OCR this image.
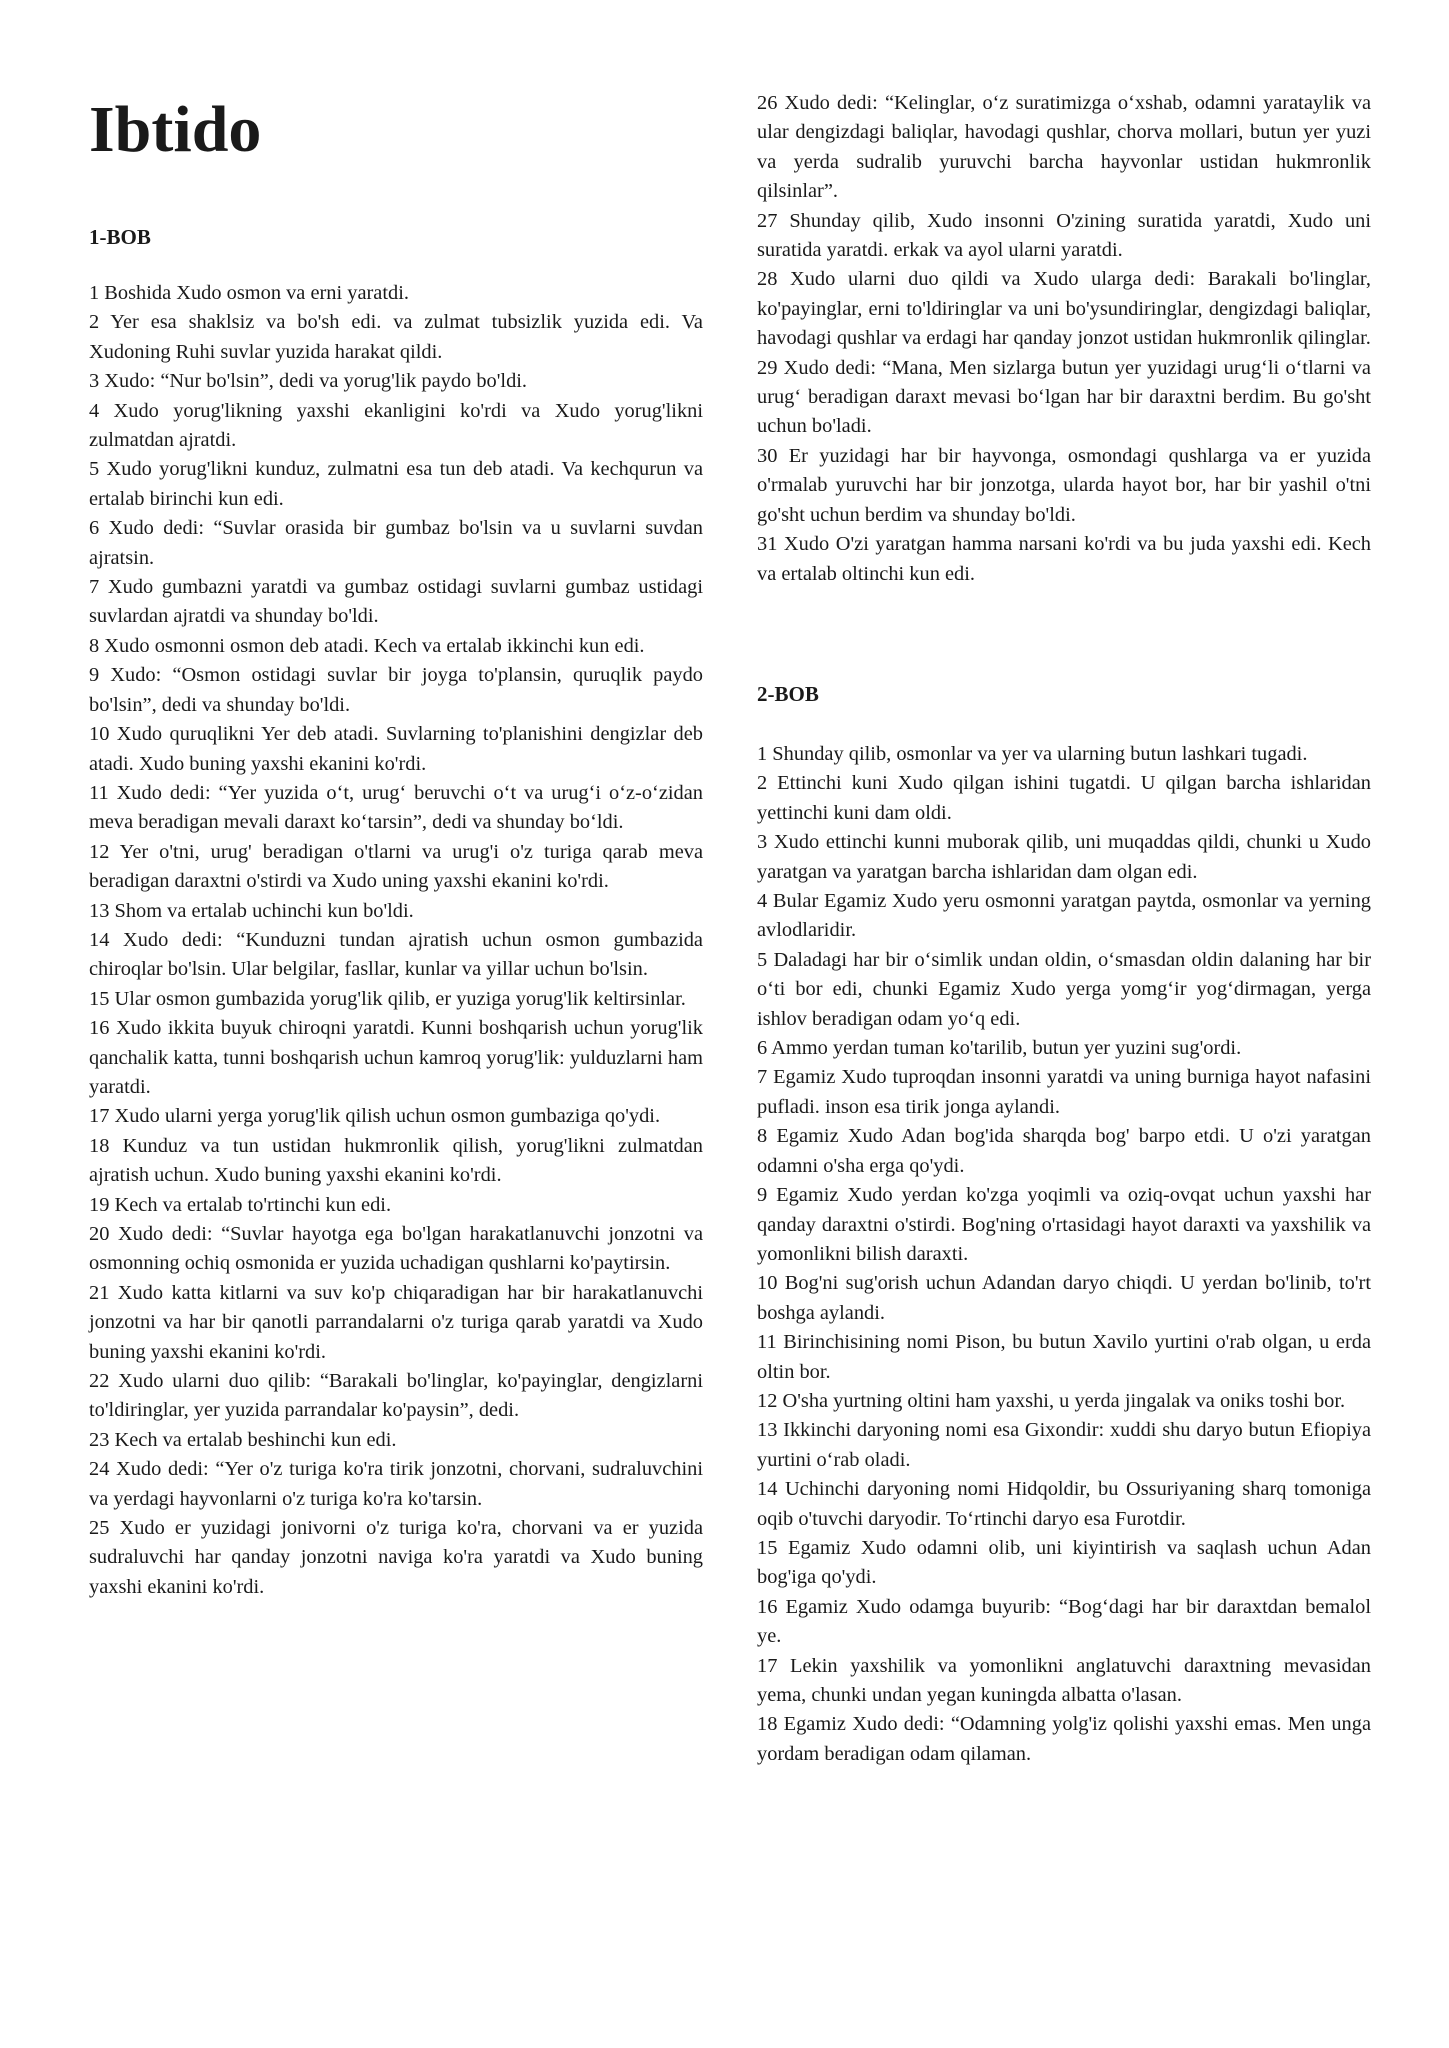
Ibtido
1-BOB

1 Boshida Xudo osmon va erni yaratdi.

2 Yer esa shaklsiz va bo'sh edi. va zulmat tubsizlik yuzida edi. Va Xudoning Ruhi suvlar yuzida harakat qildi.

3 Xudo: “Nur bo'lsin”, dedi va yorug'lik paydo bo'ldi.

4 Xudo yorug'likning yaxshi ekanligini ko'rdi va Xudo yorug'likni zulmatdan ajratdi.

5 Xudo yorug'likni kunduz, zulmatni esa tun deb atadi. Va kechqurun va ertalab birinchi kun edi.

6 Xudo dedi: “Suvlar orasida bir gumbaz bo'lsin va u suvlarni suvdan ajratsin.

7 Xudo gumbazni yaratdi va gumbaz ostidagi suvlarni gumbaz ustidagi suvlardan ajratdi va shunday bo'ldi.

8 Xudo osmonni osmon deb atadi. Kech va ertalab ikkinchi kun edi.

9 Xudo: “Osmon ostidagi suvlar bir joyga to'plansin, quruqlik paydo bo'lsin”, dedi va shunday bo'ldi.

10 Xudo quruqlikni Yer deb atadi. Suvlarning to'planishini dengizlar deb atadi. Xudo buning yaxshi ekanini ko'rdi.

11 Xudo dedi: “Yer yuzida o‘t, urug‘ beruvchi o‘t va urug‘i o‘z-o‘zidan meva beradigan mevali daraxt ko‘tarsin”, dedi va shunday bo‘ldi.

12 Yer o'tni, urug' beradigan o'tlarni va urug'i o'z turiga qarab meva beradigan daraxtni o'stirdi va Xudo uning yaxshi ekanini ko'rdi.

13 Shom va ertalab uchinchi kun bo'ldi.

14 Xudo dedi: “Kunduzni tundan ajratish uchun osmon gumbazida chiroqlar bo'lsin. Ular belgilar, fasllar, kunlar va yillar uchun bo'lsin.

15 Ular osmon gumbazida yorug'lik qilib, er yuziga yorug'lik keltirsinlar.

16 Xudo ikkita buyuk chiroqni yaratdi. Kunni boshqarish uchun yorug'lik qanchalik katta, tunni boshqarish uchun kamroq yorug'lik: yulduzlarni ham yaratdi.

17 Xudo ularni yerga yorug'lik qilish uchun osmon gumbaziga qo'ydi.

18 Kunduz va tun ustidan hukmronlik qilish, yorug'likni zulmatdan ajratish uchun. Xudo buning yaxshi ekanini ko'rdi.

19 Kech va ertalab to'rtinchi kun edi.

20 Xudo dedi: “Suvlar hayotga ega bo'lgan harakatlanuvchi jonzotni va osmonning ochiq osmonida er yuzida uchadigan qushlarni ko'paytirsin.

21 Xudo katta kitlarni va suv ko'p chiqaradigan har bir harakatlanuvchi jonzotni va har bir qanotli parrandalarni o'z turiga qarab yaratdi va Xudo buning yaxshi ekanini ko'rdi.

22 Xudo ularni duo qilib: “Barakali bo'linglar, ko'payinglar, dengizlarni to'ldiringlar, yer yuzida parrandalar ko'paysin”, dedi.

23 Kech va ertalab beshinchi kun edi.

24 Xudo dedi: “Yer o'z turiga ko'ra tirik jonzotni, chorvani, sudraluvchini va yerdagi hayvonlarni o'z turiga ko'ra ko'tarsin.

25 Xudo er yuzidagi jonivorni o'z turiga ko'ra, chorvani va er yuzida sudraluvchi har qanday jonzotni naviga ko'ra yaratdi va Xudo buning yaxshi ekanini ko'rdi.

26 Xudo dedi: “Kelinglar, o‘z suratimizga o‘xshab, odamni yarataylik va ular dengizdagi baliqlar, havodagi qushlar, chorva mollari, butun yer yuzi va yerda sudralib yuruvchi barcha hayvonlar ustidan hukmronlik qilsinlar”.

27 Shunday qilib, Xudo insonni O'zining suratida yaratdi, Xudo uni suratida yaratdi. erkak va ayol ularni yaratdi.

28 Xudo ularni duo qildi va Xudo ularga dedi: Barakali bo'linglar, ko'payinglar, erni to'ldiringlar va uni bo'ysundiringlar, dengizdagi baliqlar, havodagi qushlar va erdagi har qanday jonzot ustidan hukmronlik qilinglar.

29 Xudo dedi: “Mana, Men sizlarga butun yer yuzidagi urug‘li o‘tlarni va urug‘ beradigan daraxt mevasi bo‘lgan har bir daraxtni berdim. Bu go'sht uchun bo'ladi.

30 Er yuzidagi har bir hayvonga, osmondagi qushlarga va er yuzida o'rmalab yuruvchi har bir jonzotga, ularda hayot bor, har bir yashil o'tni go'sht uchun berdim va shunday bo'ldi.

31 Xudo O'zi yaratgan hamma narsani ko'rdi va bu juda yaxshi edi. Kech va ertalab oltinchi kun edi.

2-BOB

1 Shunday qilib, osmonlar va yer va ularning butun lashkari tugadi.

2 Ettinchi kuni Xudo qilgan ishini tugatdi. U qilgan barcha ishlaridan yettinchi kuni dam oldi.

3 Xudo ettinchi kunni muborak qilib, uni muqaddas qildi, chunki u Xudo yaratgan va yaratgan barcha ishlaridan dam olgan edi.

4 Bular Egamiz Xudo yeru osmonni yaratgan paytda, osmonlar va yerning avlodlaridir.

5 Daladagi har bir o‘simlik undan oldin, o‘smasdan oldin dalaning har bir o‘ti bor edi, chunki Egamiz Xudo yerga yomg‘ir yog‘dirmagan, yerga ishlov beradigan odam yo‘q edi.

6 Ammo yerdan tuman ko'tarilib, butun yer yuzini sug'ordi.

7 Egamiz Xudo tuproqdan insonni yaratdi va uning burniga hayot nafasini pufladi. inson esa tirik jonga aylandi.

8 Egamiz Xudo Adan bog'ida sharqda bog' barpo etdi. U o'zi yaratgan odamni o'sha erga qo'ydi.

9 Egamiz Xudo yerdan ko'zga yoqimli va oziq-ovqat uchun yaxshi har qanday daraxtni o'stirdi. Bog'ning o'rtasidagi hayot daraxti va yaxshilik va yomonlikni bilish daraxti.

10 Bog'ni sug'orish uchun Adandan daryo chiqdi. U yerdan bo'linib, to'rt boshga aylandi.

11 Birinchisining nomi Pison, bu butun Xavilo yurtini o'rab olgan, u erda oltin bor.

12 O'sha yurtning oltini ham yaxshi, u yerda jingalak va oniks toshi bor.

13 Ikkinchi daryoning nomi esa Gixondir: xuddi shu daryo butun Efiopiya yurtini o‘rab oladi.

14 Uchinchi daryoning nomi Hidqoldir, bu Ossuriyaning sharq tomoniga oqib o'tuvchi daryodir. To‘rtinchi daryo esa Furotdir.

15 Egamiz Xudo odamni olib, uni kiyintirish va saqlash uchun Adan bog'iga qo'ydi.

16 Egamiz Xudo odamga buyurib: “Bog‘dagi har bir daraxtdan bemalol ye.

17 Lekin yaxshilik va yomonlikni anglatuvchi daraxtning mevasidan yema, chunki undan yegan kuningda albatta o'lasan.

18 Egamiz Xudo dedi: “Odamning yolg'iz qolishi yaxshi emas. Men unga yordam beradigan odam qilaman.
